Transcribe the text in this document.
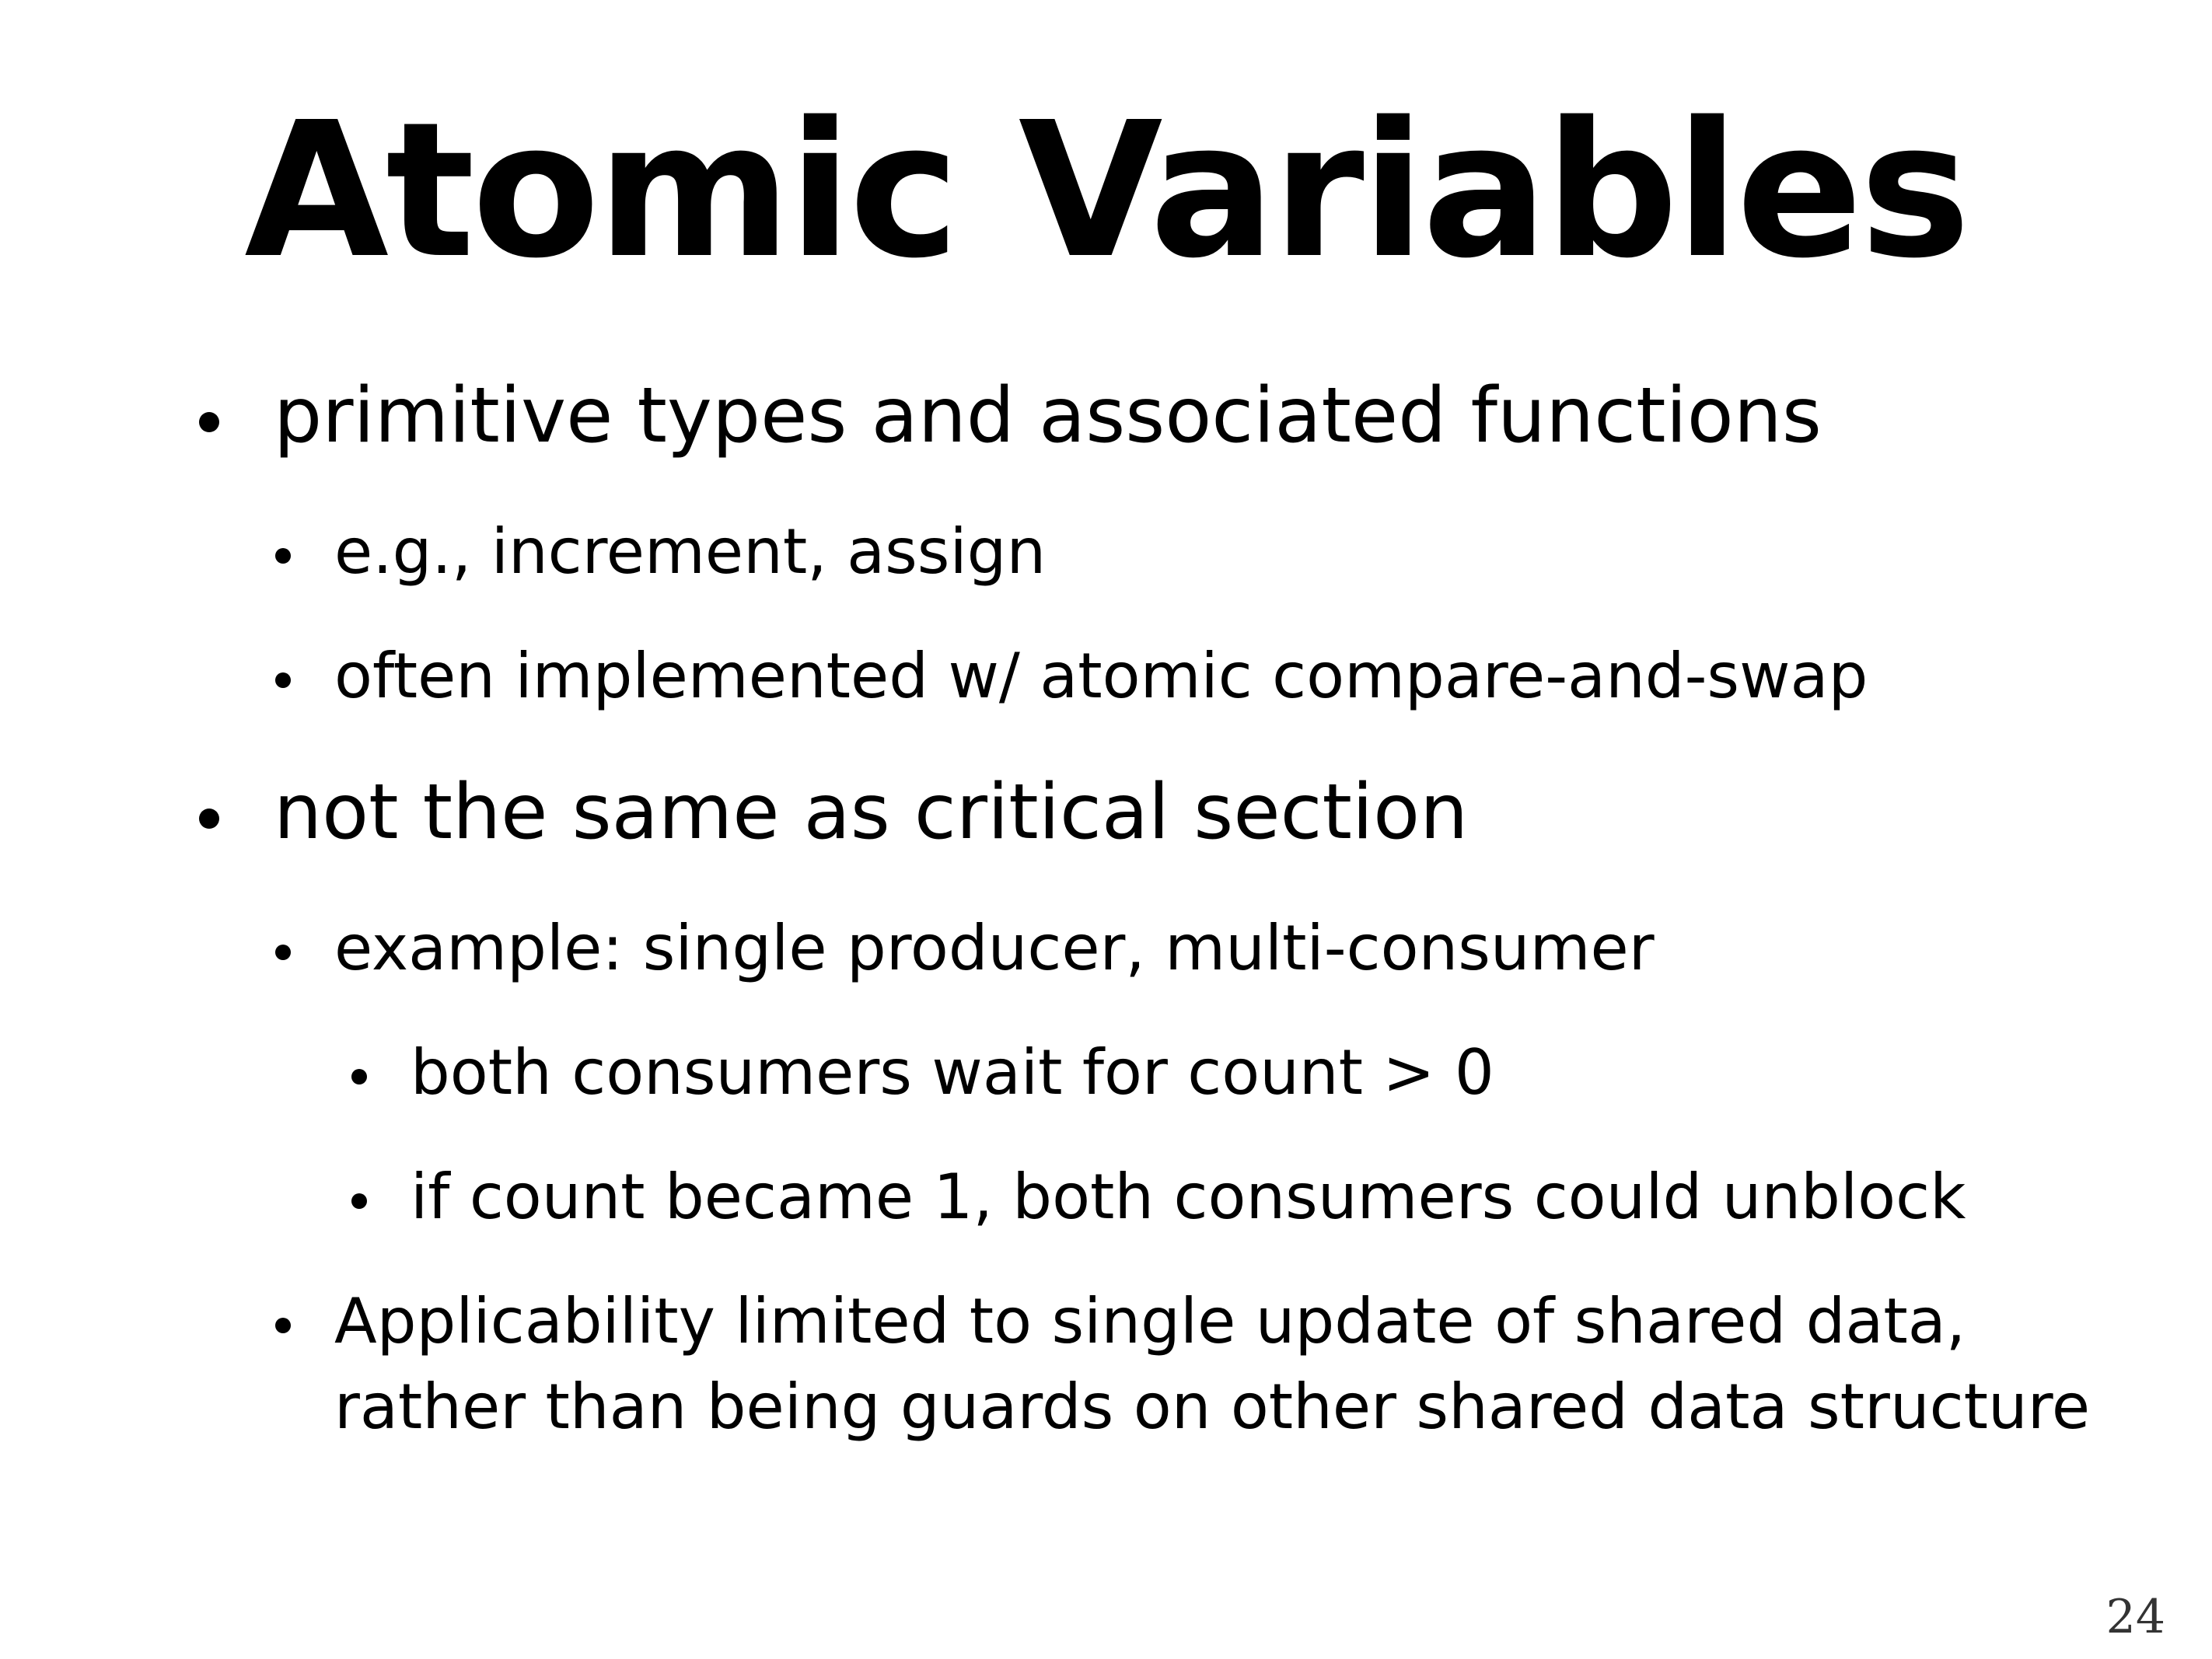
Atomic Variables
primitive types and associated functions
e.g., increment, assign
often implemented w/ atomic compare-and-swap
not the same as critical section
example: single producer, multi-consumer
both consumers wait for count > 0
if count became 1, both consumers could unblock
Applicability limited to single update of shared data,
rather than being guards on other shared data structure
24
